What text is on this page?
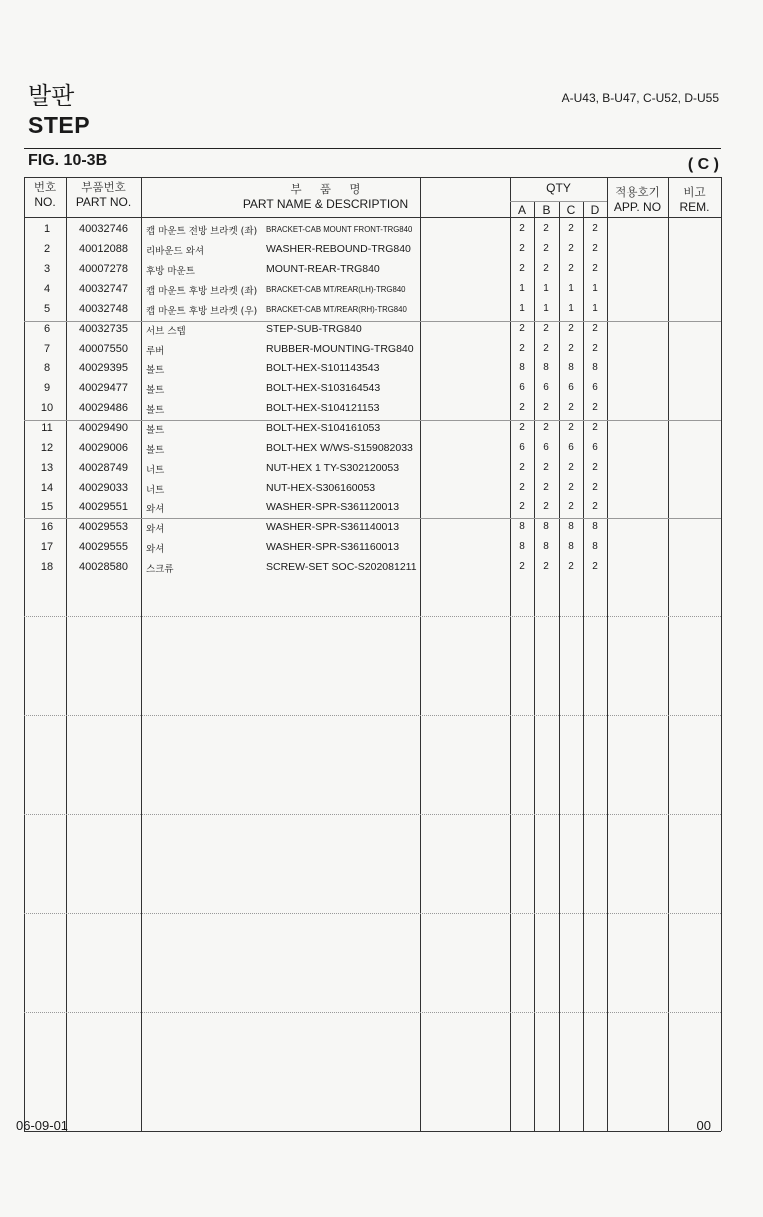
발판
STEP
A-U43, B-U47, C-U52, D-U55
FIG. 10-3B	( C )
번호
NO.
부품번호
PART NO.
부     품     명
PART NAME & DESCRIPTION
QTY
A	B	C	D
적용호기
APP. NO
비고
REM.
1	40032746 캡 마운트 전방 브라켓 (좌) BRACKET-CAB MOUNT FRONT-TRG840	2	2	2	2
2	40012088 리바운드 와셔	WASHER-REBOUND-TRG840	2	2	2	2
3	40007278 후방 마운트	MOUNT-REAR-TRG840	2	2	2	2
4	40032747 캡 마운트 후방 브라켓 (좌) BRACKET-CAB MT/REAR(LH)-TRG840	1	1	1	1
5	40032748 캡 마운트 후방 브라켓 (우) BRACKET-CAB MT/REAR(RH)-TRG840	1	1	1	1
6	40032735 서브 스텝	STEP-SUB-TRG840	2	2	2	2
7	40007550 루버	RUBBER-MOUNTING-TRG840	2	2	2	2
8	40029395 볼트	BOLT-HEX-S101143543	8	8	8	8
9	40029477 볼트	BOLT-HEX-S103164543	6	6	6	6
10	40029486 볼트	BOLT-HEX-S104121153	2	2	2	2
11	40029490 볼트	BOLT-HEX-S104161053	2	2	2	2
12	40029006 볼트	BOLT-HEX W/WS-S159082033	6	6	6	6
13	40028749 너트	NUT-HEX 1 TY-S302120053	2	2	2	2
14	40029033 너트	NUT-HEX-S306160053	2	2	2	2
15	40029551 와셔	WASHER-SPR-S361120013	2	2	2	2
16	40029553 와셔	WASHER-SPR-S361140013	8	8	8	8
17	40029555 와셔	WASHER-SPR-S361160013	8	8	8	8
18	40028580 스크류	SCREW-SET SOC-S202081211	2	2	2	2
06-09-01	00
